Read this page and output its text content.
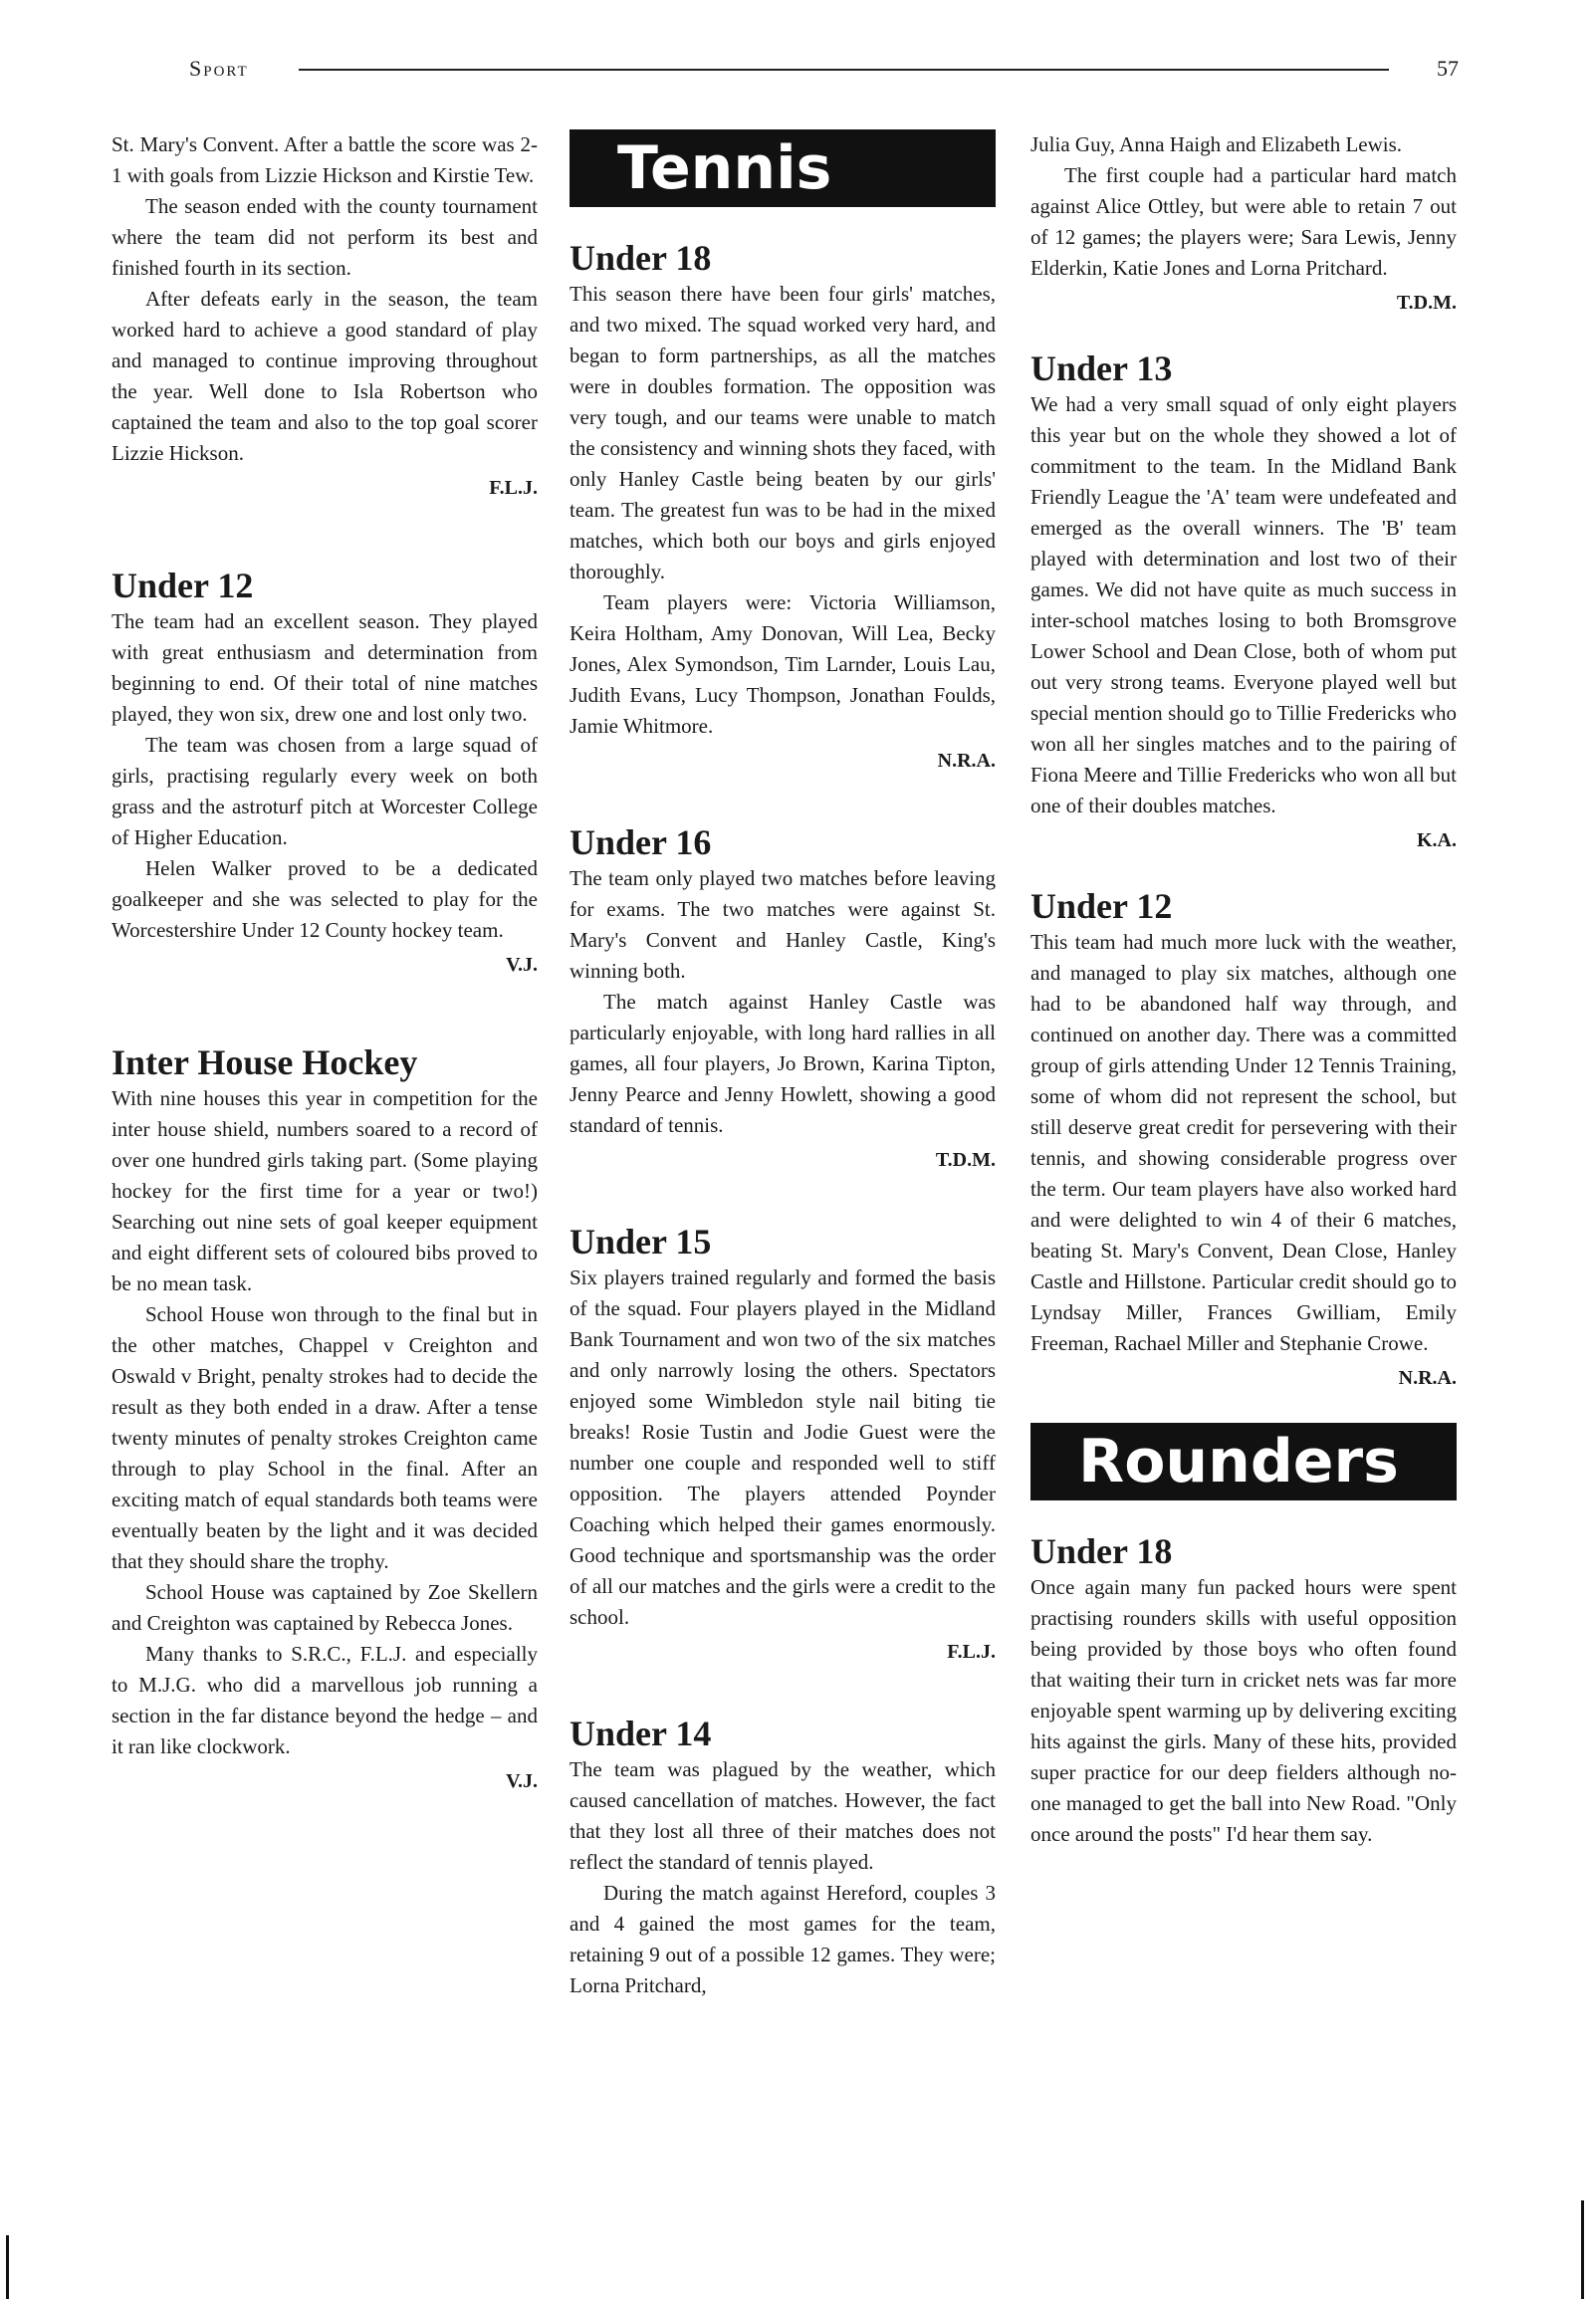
Sport	57

St. Mary's Convent. After a battle the score was 2-1 with goals from Lizzie Hickson and Kirstie Tew.

The season ended with the county tournament where the team did not perform its best and finished fourth in its section.

After defeats early in the season, the team worked hard to achieve a good standard of play and managed to continue improving throughout the year. Well done to Isla Robertson who captained the team and also to the top goal scorer Lizzie Hickson.

F.L.J.
Under 12

The team had an excellent season. They played with great enthusiasm and determination from beginning to end. Of their total of nine matches played, they won six, drew one and lost only two.

The team was chosen from a large squad of girls, practising regularly every week on both grass and the astroturf pitch at Worcester College of Higher Education.

Helen Walker proved to be a dedicated goalkeeper and she was selected to play for the Worcestershire Under 12 County hockey team.

V.J.
Inter House Hockey

With nine houses this year in competition for the inter house shield, numbers soared to a record of over one hundred girls taking part. (Some playing hockey for the first time for a year or two!) Searching out nine sets of goal keeper equipment and eight different sets of coloured bibs proved to be no mean task.

School House won through to the final but in the other matches, Chappel v Creighton and Oswald v Bright, penalty strokes had to decide the result as they both ended in a draw. After a tense twenty minutes of penalty strokes Creighton came through to play School in the final. After an exciting match of equal standards both teams were eventually beaten by the light and it was decided that they should share the trophy.

School House was captained by Zoe Skellern and Creighton was captained by Rebecca Jones.

Many thanks to S.R.C., F.L.J. and especially to M.J.G. who did a marvellous job running a section in the far distance beyond the hedge – and it ran like clockwork.

V.J.
Tennis
Under 18

This season there have been four girls' matches, and two mixed. The squad worked very hard, and began to form partnerships, as all the matches were in doubles formation. The opposition was very tough, and our teams were unable to match the consistency and winning shots they faced, with only Hanley Castle being beaten by our girls' team. The greatest fun was to be had in the mixed matches, which both our boys and girls enjoyed thoroughly.

Team players were: Victoria Williamson, Keira Holtham, Amy Donovan, Will Lea, Becky Jones, Alex Symondson, Tim Larnder, Louis Lau, Judith Evans, Lucy Thompson, Jonathan Foulds, Jamie Whitmore.

N.R.A.
Under 16

The team only played two matches before leaving for exams. The two matches were against St. Mary's Convent and Hanley Castle, King's winning both.

The match against Hanley Castle was particularly enjoyable, with long hard rallies in all games, all four players, Jo Brown, Karina Tipton, Jenny Pearce and Jenny Howlett, showing a good standard of tennis.

T.D.M.
Under 15

Six players trained regularly and formed the basis of the squad. Four players played in the Midland Bank Tournament and won two of the six matches and only narrowly losing the others. Spectators enjoyed some Wimbledon style nail biting tie breaks! Rosie Tustin and Jodie Guest were the number one couple and responded well to stiff opposition. The players attended Poynder Coaching which helped their games enormously. Good technique and sportsmanship was the order of all our matches and the girls were a credit to the school.

F.L.J.
Under 14

The team was plagued by the weather, which caused cancellation of matches. However, the fact that they lost all three of their matches does not reflect the standard of tennis played.

During the match against Hereford, couples 3 and 4 gained the most games for the team, retaining 9 out of a possible 12 games. They were; Lorna Pritchard,

Julia Guy, Anna Haigh and Elizabeth Lewis.

The first couple had a particular hard match against Alice Ottley, but were able to retain 7 out of 12 games; the players were; Sara Lewis, Jenny Elderkin, Katie Jones and Lorna Pritchard.

T.D.M.
Under 13

We had a very small squad of only eight players this year but on the whole they showed a lot of commitment to the team. In the Midland Bank Friendly League the 'A' team were undefeated and emerged as the overall winners. The 'B' team played with determination and lost two of their games. We did not have quite as much success in inter-school matches losing to both Bromsgrove Lower School and Dean Close, both of whom put out very strong teams. Everyone played well but special mention should go to Tillie Fredericks who won all her singles matches and to the pairing of Fiona Meere and Tillie Fredericks who won all but one of their doubles matches.

K.A.
Under 12

This team had much more luck with the weather, and managed to play six matches, although one had to be abandoned half way through, and continued on another day. There was a committed group of girls attending Under 12 Tennis Training, some of whom did not represent the school, but still deserve great credit for persevering with their tennis, and showing considerable progress over the term. Our team players have also worked hard and were delighted to win 4 of their 6 matches, beating St. Mary's Convent, Dean Close, Hanley Castle and Hillstone. Particular credit should go to Lyndsay Miller, Frances Gwilliam, Emily Freeman, Rachael Miller and Stephanie Crowe.

N.R.A.
Rounders
Under 18

Once again many fun packed hours were spent practising rounders skills with useful opposition being provided by those boys who often found that waiting their turn in cricket nets was far more enjoyable spent warming up by delivering exciting hits against the girls. Many of these hits, provided super practice for our deep fielders although no-one managed to get the ball into New Road. "Only once around the posts" I'd hear them say.
